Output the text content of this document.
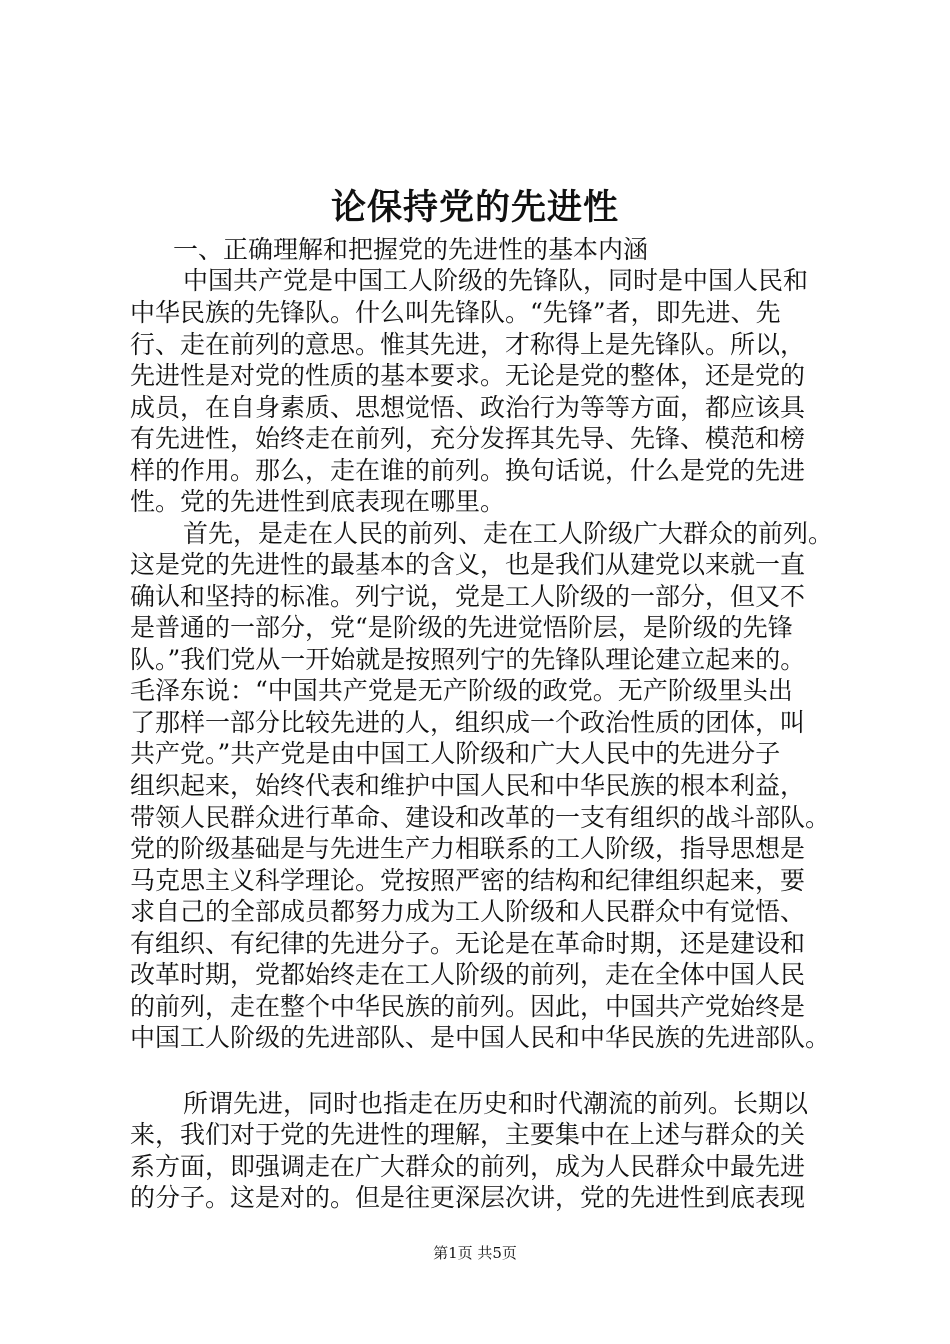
论保持党的先进性
一、正确理解和把握党的先进性的基本内涵
中国共产党是中国工人阶级的先锋队，同时是中国人民和
中华民族的先锋队。什么叫先锋队。“先锋”者，即先进、先
行、走在前列的意思。惟其先进，才称得上是先锋队。所以，
先进性是对党的性质的基本要求。无论是党的整体，还是党的
成员，在自身素质、思想觉悟、政治行为等等方面，都应该具
有先进性，始终走在前列，充分发挥其先导、先锋、模范和榜
样的作用。那么，走在谁的前列。换句话说，什么是党的先进
性。党的先进性到底表现在哪里。
首先，是走在人民的前列、走在工人阶级广大群众的前列。
这是党的先进性的最基本的含义，也是我们从建党以来就一直
确认和坚持的标准。列宁说，党是工人阶级的一部分，但又不
是普通的一部分，党“是阶级的先进觉悟阶层，是阶级的先锋
队。”我们党从一开始就是按照列宁的先锋队理论建立起来的。
毛泽东说：“中国共产党是无产阶级的政党。无产阶级里头出
了那样一部分比较先进的人，组织成一个政治性质的团体，叫
共产党。”共产党是由中国工人阶级和广大人民中的先进分子
组织起来，始终代表和维护中国人民和中华民族的根本利益，
带领人民群众进行革命、建设和改革的一支有组织的战斗部队。
党的阶级基础是与先进生产力相联系的工人阶级，指导思想是
马克思主义科学理论。党按照严密的结构和纪律组织起来，要
求自己的全部成员都努力成为工人阶级和人民群众中有觉悟、
有组织、有纪律的先进分子。无论是在革命时期，还是建设和
改革时期，党都始终走在工人阶级的前列，走在全体中国人民
的前列，走在整个中华民族的前列。因此，中国共产党始终是
中国工人阶级的先进部队、是中国人民和中华民族的先进部队。
所谓先进，同时也指走在历史和时代潮流的前列。长期以
来，我们对于党的先进性的理解，主要集中在上述与群众的关
系方面，即强调走在广大群众的前列，成为人民群众中最先进
的分子。这是对的。但是往更深层次讲，党的先进性到底表现
第1页 共5页
